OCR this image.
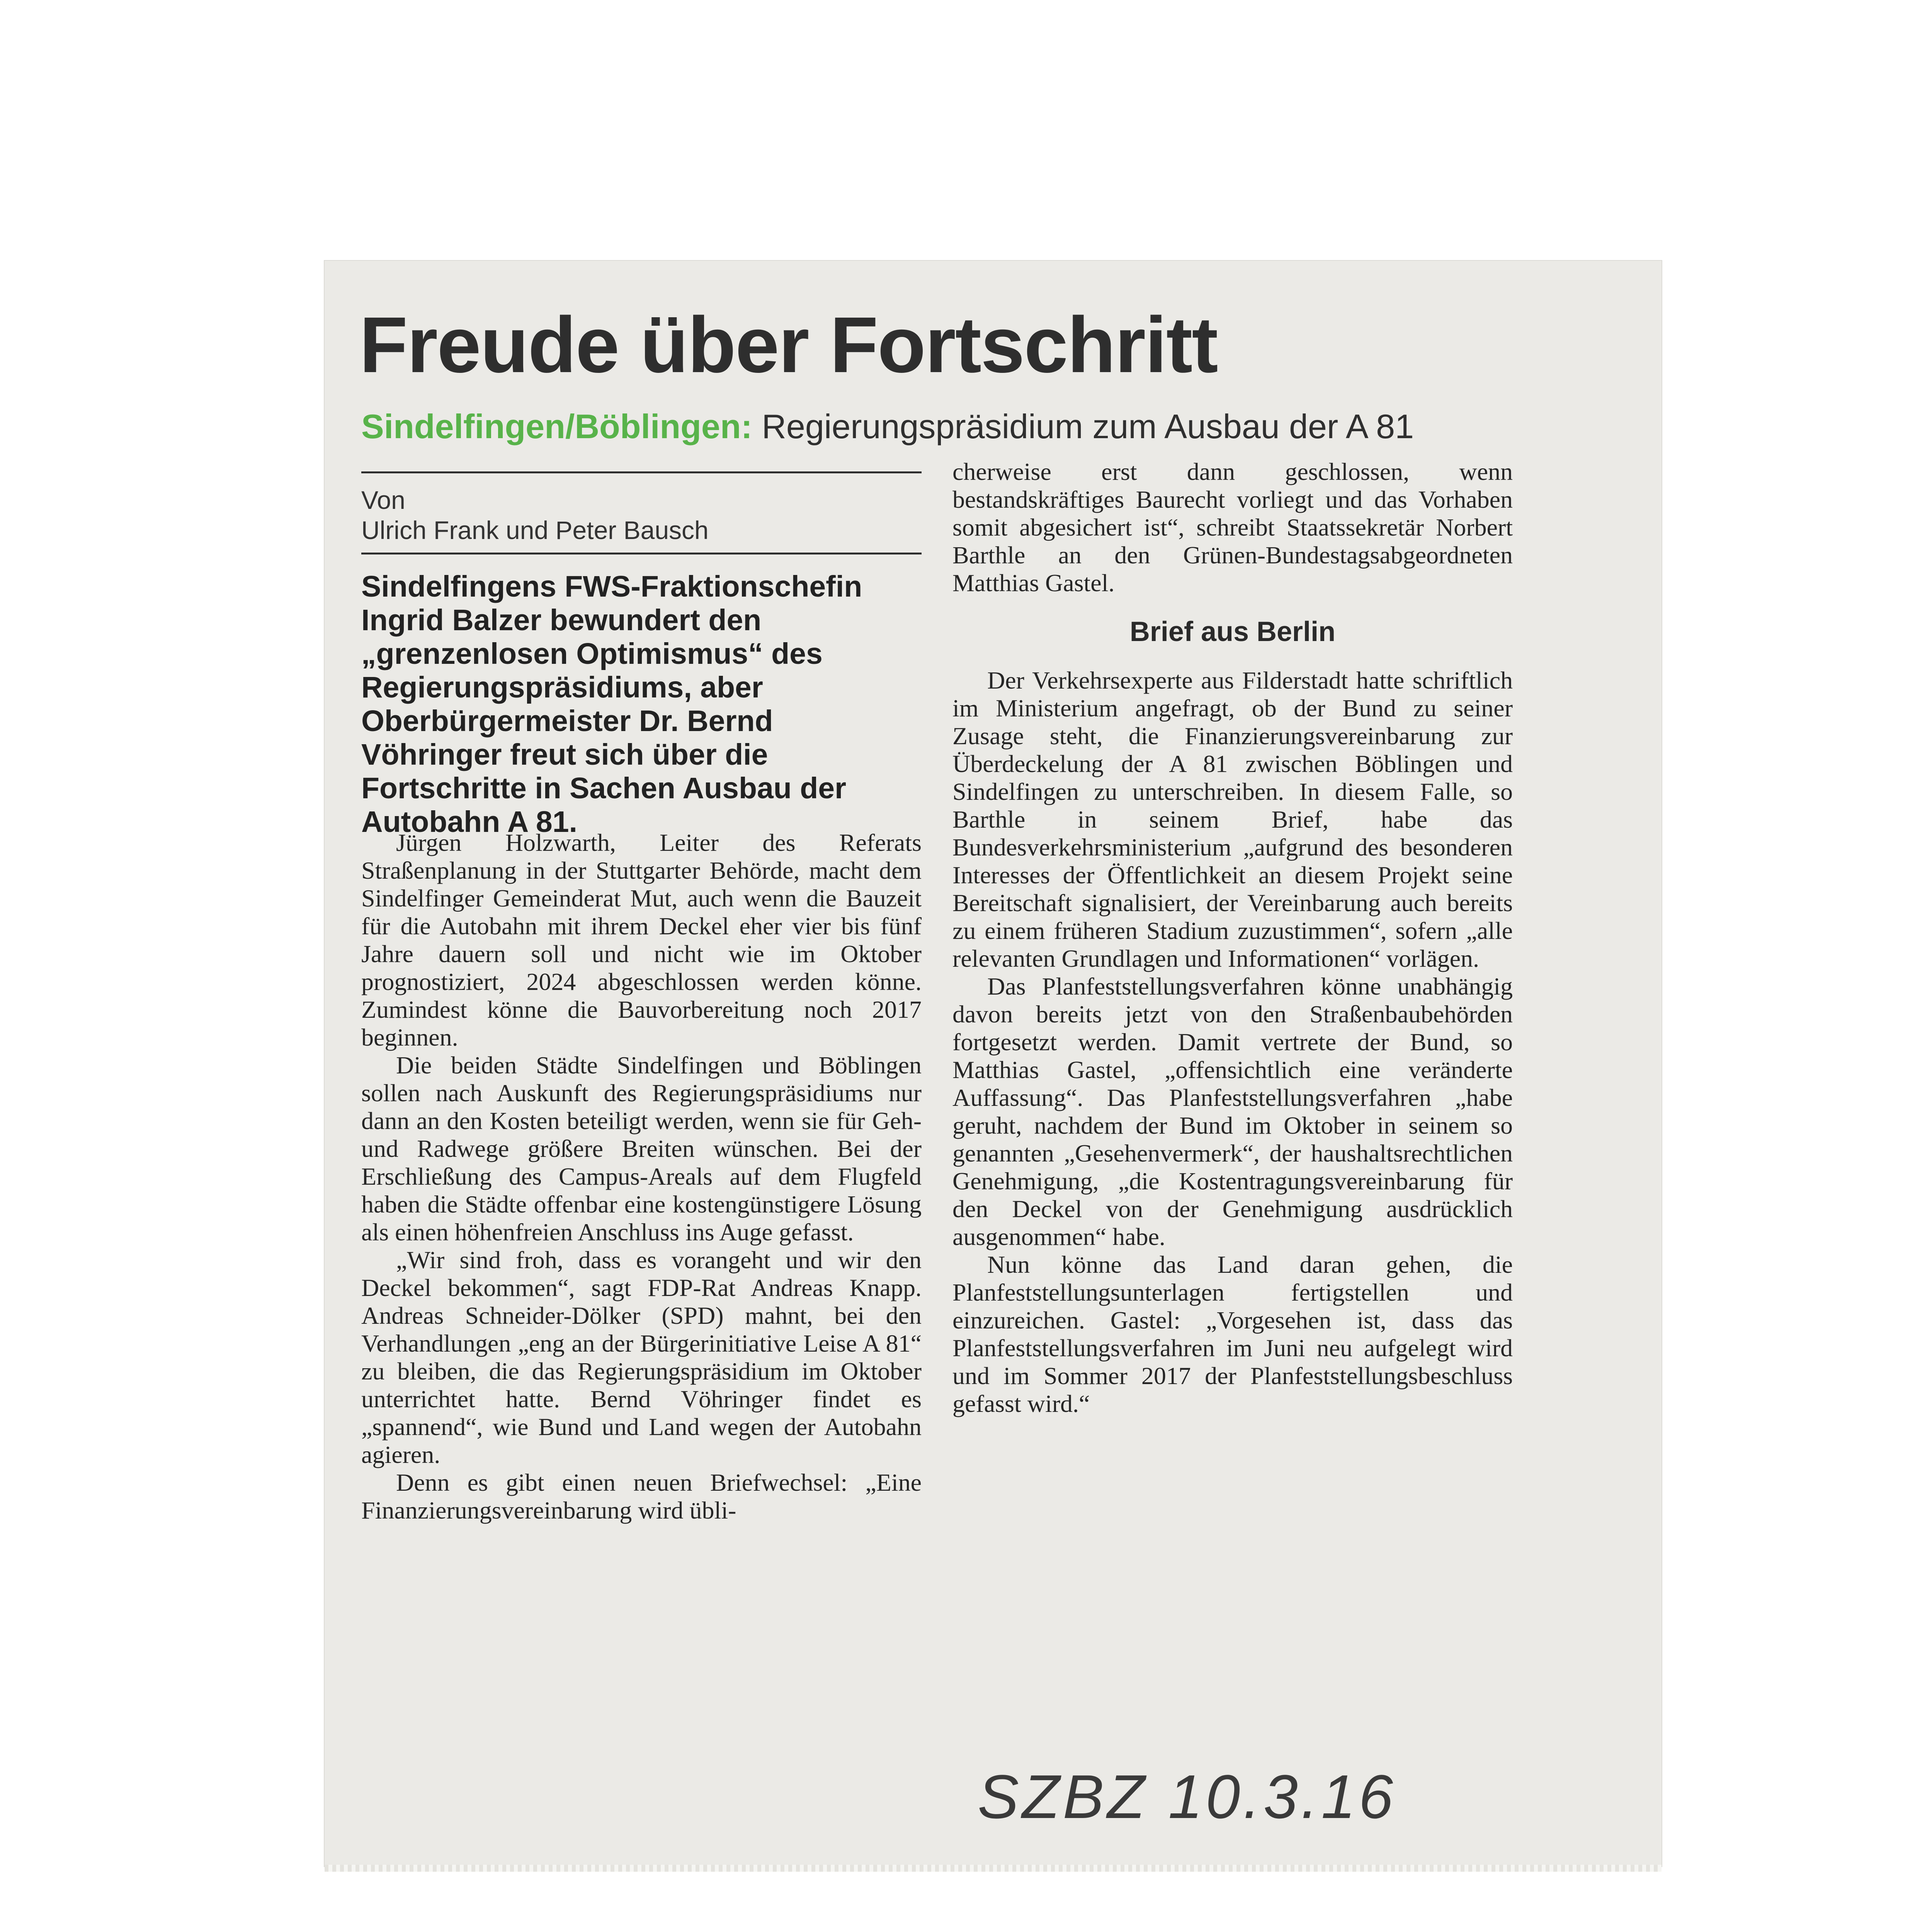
Freude über Fortschritt
Sindelfingen/Böblingen: Regierungspräsidium zum Ausbau der A 81
Von
Ulrich Frank und Peter Bausch
Sindelfingens FWS-Fraktionschefin Ingrid Balzer bewundert den „grenzenlosen Optimismus“ des Regierungspräsidiums, aber Oberbürgermeister Dr. Bernd Vöhringer freut sich über die Fortschritte in Sachen Ausbau der Autobahn A 81.

Jürgen Holzwarth, Leiter des Referats Straßenplanung in der Stuttgarter Behörde, macht dem Sindelfinger Gemeinderat Mut, auch wenn die Bauzeit für die Autobahn mit ihrem Deckel eher vier bis fünf Jahre dauern soll und nicht wie im Oktober prognostiziert, 2024 abgeschlossen werden könne. Zumindest könne die Bauvorbereitung noch 2017 beginnen.

Die beiden Städte Sindelfingen und Böblingen sollen nach Auskunft des Regierungspräsidiums nur dann an den Kosten beteiligt werden, wenn sie für Geh- und Radwege größere Breiten wünschen. Bei der Erschließung des Campus-Areals auf dem Flugfeld haben die Städte offenbar eine kostengünstigere Lösung als einen höhenfreien Anschluss ins Auge gefasst.

„Wir sind froh, dass es vorangeht und wir den Deckel bekommen“, sagt FDP-Rat Andreas Knapp. Andreas Schneider-Dölker (SPD) mahnt, bei den Verhandlungen „eng an der Bürgerinitiative Leise A 81“ zu bleiben, die das Regierungspräsidium im Oktober unterrichtet hatte. Bernd Vöhringer findet es „spannend“, wie Bund und Land wegen der Autobahn agieren.

Denn es gibt einen neuen Briefwechsel: „Eine Finanzierungsvereinbarung wird übli-

cherweise erst dann geschlossen, wenn bestandskräftiges Baurecht vorliegt und das Vorhaben somit abgesichert ist“, schreibt Staatssekretär Norbert Barthle an den Grünen-Bundestagsabgeordneten Matthias Gastel.

Brief aus Berlin

Der Verkehrsexperte aus Filderstadt hatte schriftlich im Ministerium angefragt, ob der Bund zu seiner Zusage steht, die Finanzierungsvereinbarung zur Überdeckelung der A 81 zwischen Böblingen und Sindelfingen zu unterschreiben. In diesem Falle, so Barthle in seinem Brief, habe das Bundesverkehrsministerium „aufgrund des besonderen Interesses der Öffentlichkeit an diesem Projekt seine Bereitschaft signalisiert, der Vereinbarung auch bereits zu einem früheren Stadium zuzustimmen“, sofern „alle relevanten Grundlagen und Informationen“ vorlägen.

Das Planfeststellungsverfahren könne unabhängig davon bereits jetzt von den Straßenbaubehörden fortgesetzt werden. Damit vertrete der Bund, so Matthias Gastel, „offensichtlich eine veränderte Auffassung“. Das Planfeststellungsverfahren „habe geruht, nachdem der Bund im Oktober in seinem so genannten „Gesehenvermerk“, der haushaltsrechtlichen Genehmigung, „die Kostentragungsvereinbarung für den Deckel von der Genehmigung ausdrücklich ausgenommen“ habe.

Nun könne das Land daran gehen, die Planfeststellungsunterlagen fertigstellen und einzureichen. Gastel: „Vorgesehen ist, dass das Planfeststellungsverfahren im Juni neu aufgelegt wird und im Sommer 2017 der Planfeststellungsbeschluss gefasst wird.“

SZBZ 10.3.16
